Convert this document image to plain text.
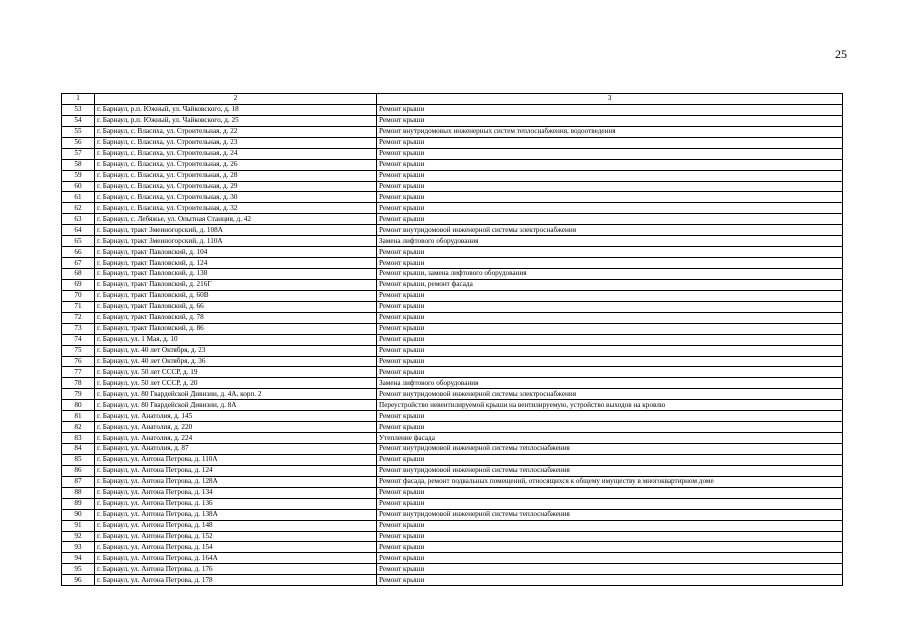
25
1	2	3
53	г. Барнаул, р.п. Южный, ул. Чайковского, д. 18	Ремонт крыши
54	г. Барнаул, р.п. Южный, ул. Чайковского, д. 25	Ремонт крыши
55	г. Барнаул, с. Власиха, ул. Строительная, д. 22	Ремонт внутридомовых инженерных систем теплоснабжения, водоотведения
56	г. Барнаул, с. Власиха, ул. Строительная, д. 23	Ремонт крыши
57	г. Барнаул, с. Власиха, ул. Строительная, д. 24	Ремонт крыши
58	г. Барнаул, с. Власиха, ул. Строительная, д. 26	Ремонт крыши
59	г. Барнаул, с. Власиха, ул. Строительная, д. 28	Ремонт крыши
60	г. Барнаул, с. Власиха, ул. Строительная, д. 29	Ремонт крыши
61	г. Барнаул, с. Власиха, ул. Строительная, д. 30	Ремонт крыши
62	г. Барнаул, с. Власиха, ул. Строительная, д. 32	Ремонт крыши
63	г. Барнаул, с. Лебяжье, ул. Опытная Станция, д. 42	Ремонт крыши
64	г. Барнаул, тракт Змеиногорский, д. 108А	Ремонт внутридомовой инженерной системы электроснабжения
65	г. Барнаул, тракт Змеиногорский, д. 110А	Замена лифтового оборудования
66	г. Барнаул, тракт Павловский, д. 104	Ремонт крыши
67	г. Барнаул, тракт Павловский, д. 124	Ремонт крыши
68	г. Барнаул, тракт Павловский, д. 138	Ремонт крыши, замена лифтового оборудования
69	г. Барнаул, тракт Павловский, д. 216Г	Ремонт крыши, ремонт фасада
70	г. Барнаул, тракт Павловский, д. 60В	Ремонт крыши
71	г. Барнаул, тракт Павловский, д. 66	Ремонт крыши
72	г. Барнаул, тракт Павловский, д. 78	Ремонт крыши
73	г. Барнаул, тракт Павловский, д. 86	Ремонт крыши
74	г. Барнаул, ул. 1 Мая, д. 10	Ремонт крыши
75	г. Барнаул, ул. 40 лет Октября, д. 23	Ремонт крыши
76	г. Барнаул, ул. 40 лет Октября, д. 36	Ремонт крыши
77	г. Барнаул, ул. 50 лет СССР, д. 19	Ремонт крыши
78	г. Барнаул, ул. 50 лет СССР, д. 20	Замена лифтового оборудования
79	г. Барнаул, ул. 80 Гвардейской Дивизии, д. 4А, корп. 2	Ремонт внутридомовой инженерной системы электроснабжения
80	г. Барнаул, ул. 80 Гвардейской Дивизии, д. 8А	Переустройство невентилируемой крыши на вентилируемую, устройство выходов на кровлю
81	г. Барнаул, ул. Анатолия, д. 145	Ремонт крыши
82	г. Барнаул, ул. Анатолия, д. 220	Ремонт крыши
83	г. Барнаул, ул. Анатолия, д. 224	Утепление фасада
84	г. Барнаул, ул. Анатолия, д. 87	Ремонт внутридомовой инженерной системы теплоснабжения
85	г. Барнаул, ул. Антона Петрова, д. 110А	Ремонт крыши
86	г. Барнаул, ул. Антона Петрова, д. 124	Ремонт внутридомовой инженерной системы теплоснабжения
87	г. Барнаул, ул. Антона Петрова, д. 128А	Ремонт фасада, ремонт подвальных помещений, относящихся к общему имуществу в многоквартирном доме
88	г. Барнаул, ул. Антона Петрова, д. 134	Ремонт крыши
89	г. Барнаул, ул. Антона Петрова, д. 136	Ремонт крыши
90	г. Барнаул, ул. Антона Петрова, д. 138А	Ремонт внутридомовой инженерной системы теплоснабжения
91	г. Барнаул, ул. Антона Петрова, д. 148	Ремонт крыши
92	г. Барнаул, ул. Антона Петрова, д. 152	Ремонт крыши
93	г. Барнаул, ул. Антона Петрова, д. 154	Ремонт крыши
94	г. Барнаул, ул. Антона Петрова, д. 164А	Ремонт крыши
95	г. Барнаул, ул. Антона Петрова, д. 176	Ремонт крыши
96	г. Барнаул, ул. Антона Петрова, д. 178	Ремонт крыши
